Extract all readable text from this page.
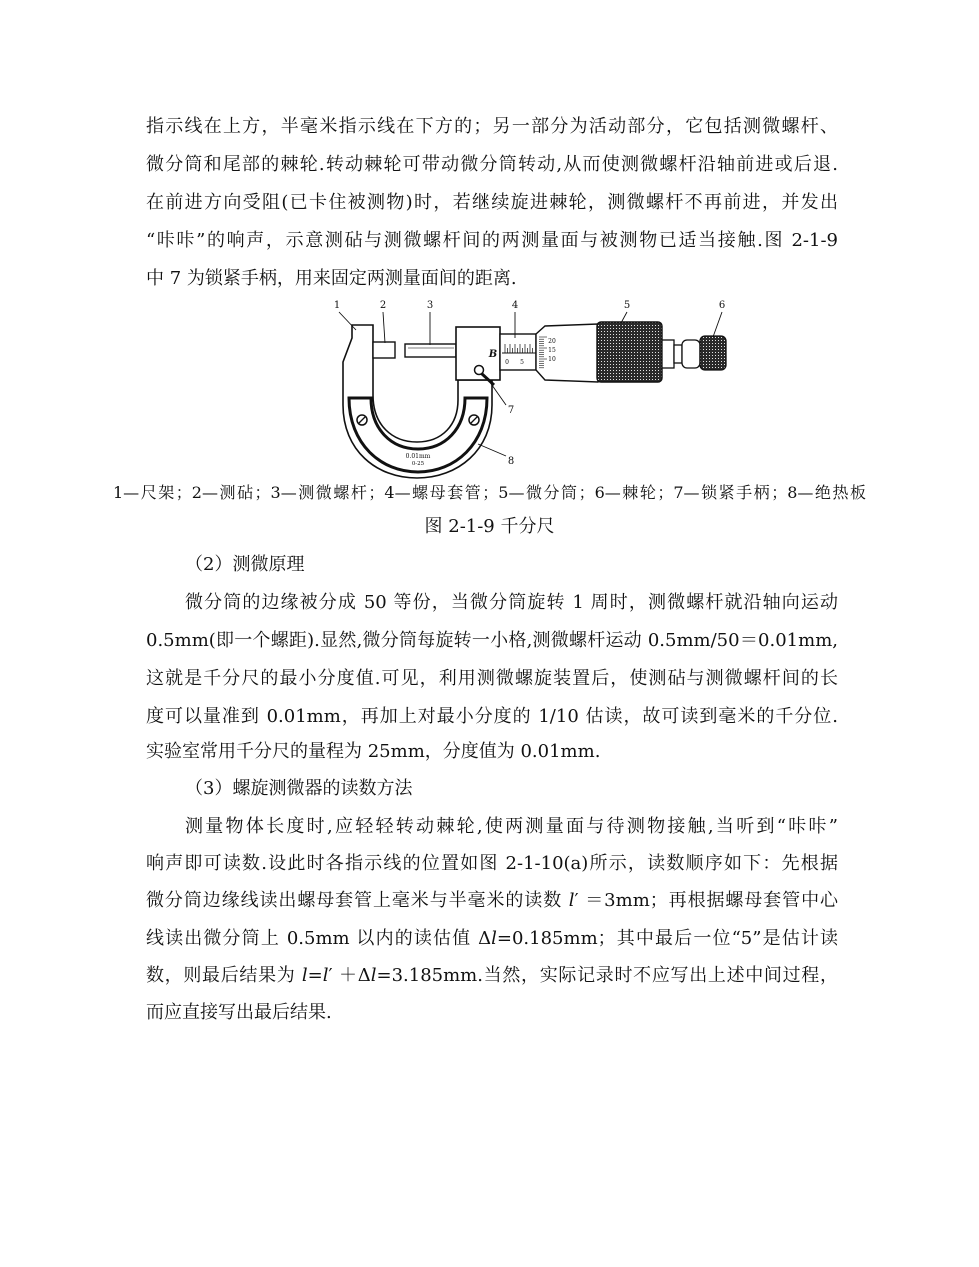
指示线在上方，半毫米指示线在下方的；另一部分为活动部分，它包括测微螺杆、
微分筒和尾部的棘轮.转动棘轮可带动微分筒转动,从而使测微螺杆沿轴前进或后退.
在前进方向受阻(已卡住被测物)时，若继续旋进棘轮，测微螺杆不再前进，并发出
“咔咔”的响声，示意测砧与测微螺杆间的两测量面与被测物已适当接触.图 2-1-9
中 7 为锁紧手柄，用来固定两测量面间的距离.
0.01mm
0-25
B
0 5
20
15
10
1	2	3	4	5	6
7
8
1—尺架；2—测砧；3—测微螺杆；4—螺母套管；5—微分筒；6—棘轮；7—锁紧手柄；8—绝热板
图 2-1-9 千分尺
（2）测微原理
微分筒的边缘被分成 50 等份，当微分筒旋转 1 周时，测微螺杆就沿轴向运动
0.5mm(即一个螺距).显然,微分筒每旋转一小格,测微螺杆运动 0.5mm/50＝0.01mm,
这就是千分尺的最小分度值.可见，利用测微螺旋装置后，使测砧与测微螺杆间的长
度可以量准到 0.01mm，再加上对最小分度的 1/10 估读，故可读到毫米的千分位.
实验室常用千分尺的量程为 25mm，分度值为 0.01mm.
（3）螺旋测微器的读数方法
测量物体长度时,应轻轻转动棘轮,使两测量面与待测物接触,当听到“咔咔”
响声即可读数.设此时各指示线的位置如图 2-1-10(a)所示，读数顺序如下：先根据
微分筒边缘线读出螺母套管上毫米与半毫米的读数 l′ ＝3mm；再根据螺母套管中心
线读出微分筒上 0.5mm 以内的读估值 Δl=0.185mm；其中最后一位“5”是估计读
数，则最后结果为 l=l′ ＋Δl=3.185mm.当然，实际记录时不应写出上述中间过程，
而应直接写出最后结果.
